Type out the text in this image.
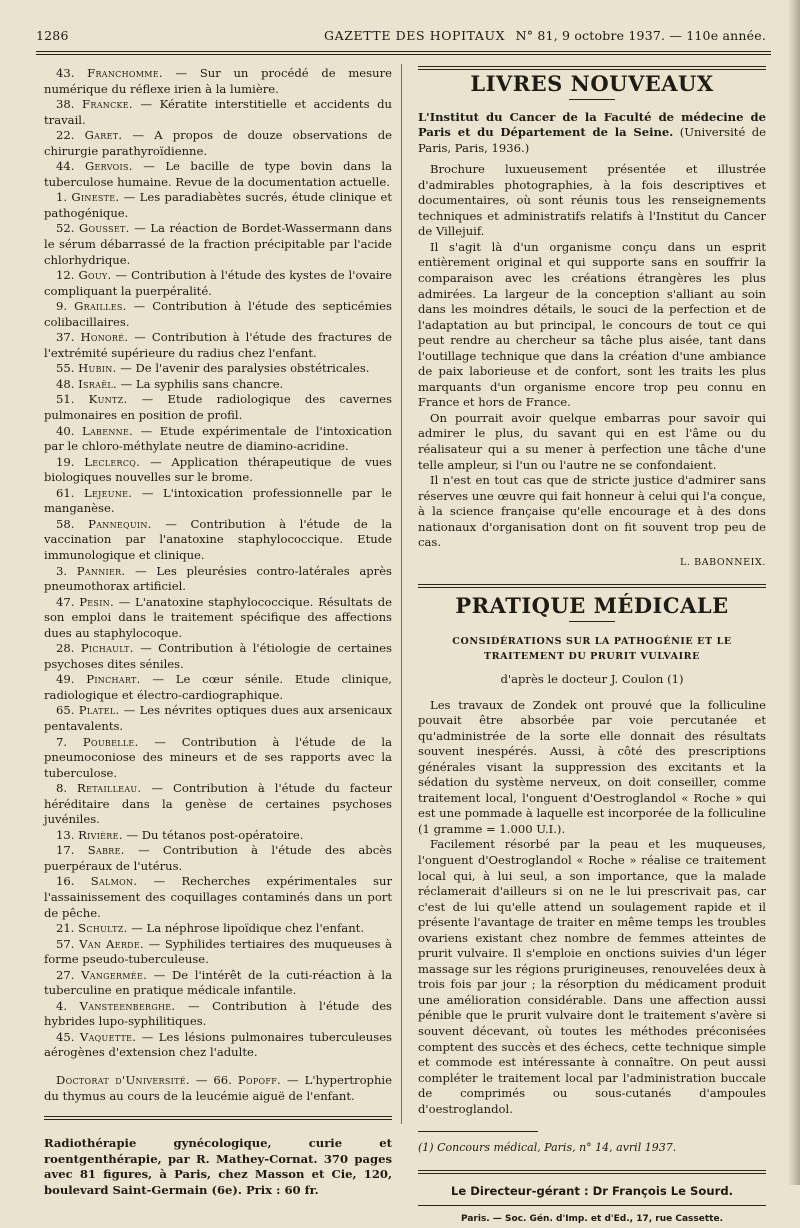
1286	GAZETTE DES HOPITAUX N° 81, 9 octobre 1937. — 110e année.

43. Franchomme. — Sur un procédé de mesure numérique du réflexe irien à la lumière.

38. Francke. — Kératite interstitielle et accidents du travail.

22. Garet. — A propos de douze observations de chirurgie parathyroïdienne.

44. Gervois. — Le bacille de type bovin dans la tuberculose humaine. Revue de la documentation actuelle.

1. Gineste. — Les paradiabètes sucrés, étude clinique et pathogénique.

52. Gousset. — La réaction de Bordet-Wassermann dans le sérum débarrassé de la fraction précipitable par l'acide chlorhydrique.

12. Gouy. — Contribution à l'étude des kystes de l'ovaire compliquant la puerpéralité.

9. Grailles. — Contribution à l'étude des septicémies colibacillaires.

37. Honoré. — Contribution à l'étude des fractures de l'extrémité supérieure du radius chez l'enfant.

55. Hubin. — De l'avenir des paralysies obstétricales.

48. Israël. — La syphilis sans chancre.

51. Kuntz. — Etude radiologique des cavernes pulmonaires en position de profil.

40. Labenne. — Etude expérimentale de l'intoxication par le chloro-méthylate neutre de diamino-acridine.

19. Leclercq. — Application thérapeutique de vues biologiques nouvelles sur le brome.

61. Lejeune. — L'intoxication professionnelle par le manganèse.

58. Pannequin. — Contribution à l'étude de la vaccination par l'anatoxine staphylococcique. Etude immunologique et clinique.

3. Pannier. — Les pleurésies contro-latérales après pneumothorax artificiel.

47. Pesin. — L'anatoxine staphylococcique. Résultats de son emploi dans le traitement spécifique des affections dues au staphylocoque.

28. Pichault. — Contribution à l'étiologie de certaines psychoses dites séniles.

49. Pinchart. — Le cœur sénile. Etude clinique, radiologique et électro-cardiographique.

65. Platel. — Les névrites optiques dues aux arsenicaux pentavalents.

7. Poubelle. — Contribution à l'étude de la pneumoconiose des mineurs et de ses rapports avec la tuberculose.

8. Retailleau. — Contribution à l'étude du facteur héréditaire dans la genèse de certaines psychoses juvéniles.

13. Rivière. — Du tétanos post-opératoire.

17. Sabre. — Contribution à l'étude des abcès puerpéraux de l'utérus.

16. Salmon. — Recherches expérimentales sur l'assainissement des coquillages contaminés dans un port de pêche.

21. Schultz. — La néphrose lipoïdique chez l'enfant.

57. Van Aerde. — Syphilides tertiaires des muqueuses à forme pseudo-tuberculeuse.

27. Vangermée. — De l'intérêt de la cuti-réaction à la tuberculine en pratique médicale infantile.

4. Vansteenberghe. — Contribution à l'étude des hybrides lupo-syphilitiques.

45. Vaquette. — Les lésions pulmonaires tuberculeuses aérogènes d'extension chez l'adulte.

Doctorat d'Université. — 66. Popoff. — L'hypertrophie du thymus au cours de la leucémie aiguë de l'enfant.

Radiothérapie gynécologique, curie et roentgenthérapie, par R. Mathey-Cornat. 370 pages avec 81 figures, à Paris, chez Masson et Cie, 120, boulevard Saint-Germain (6e). Prix : 60 fr.

LIVRES NOUVEAUX

L'Institut du Cancer de la Faculté de médecine de Paris et du Département de la Seine. (Université de Paris, Paris, 1936.)

Brochure luxueusement présentée et illustrée d'admirables photographies, à la fois descriptives et documentaires, où sont réunis tous les renseignements techniques et administratifs relatifs à l'Institut du Cancer de Villejuif.

Il s'agit là d'un organisme conçu dans un esprit entièrement original et qui supporte sans en souffrir la comparaison avec les créations étrangères les plus admirées. La largeur de la conception s'alliant au soin dans les moindres détails, le souci de la perfection et de l'adaptation au but principal, le concours de tout ce qui peut rendre au chercheur sa tâche plus aisée, tant dans l'outillage technique que dans la création d'une ambiance de paix laborieuse et de confort, sont les traits les plus marquants d'un organisme encore trop peu connu en France et hors de France.

On pourrait avoir quelque embarras pour savoir qui admirer le plus, du savant qui en est l'âme ou du réalisateur qui a su mener à perfection une tâche d'une telle ampleur, si l'un ou l'autre ne se confondaient.

Il n'est en tout cas que de stricte justice d'admirer sans réserves une œuvre qui fait honneur à celui qui l'a conçue, à la science française qu'elle encourage et à des dons nationaux d'organisation dont on fit souvent trop peu de cas.

L. BABONNEIX.

PRATIQUE MÉDICALE
CONSIDÉRATIONS SUR LA PATHOGÉNIE ET LE TRAITEMENT DU PRURIT VULVAIRE
d'après le docteur J. Coulon (1)

Les travaux de Zondek ont prouvé que la folliculine pouvait être absorbée par voie percutanée et qu'administrée de la sorte elle donnait des résultats souvent inespérés. Aussi, à côté des prescriptions générales visant la suppression des excitants et la sédation du système nerveux, on doit conseiller, comme traitement local, l'onguent d'Oestroglandol « Roche » qui est une pommade à laquelle est incorporée de la folliculine (1 gramme = 1.000 U.I.).

Facilement résorbé par la peau et les muqueuses, l'onguent d'Oestroglandol « Roche » réalise ce traitement local qui, à lui seul, a son importance, que la malade réclamerait d'ailleurs si on ne le lui prescrivait pas, car c'est de lui qu'elle attend un soulagement rapide et il présente l'avantage de traiter en même temps les troubles ovariens existant chez nombre de femmes atteintes de prurit vulvaire. Il s'emploie en onctions suivies d'un léger massage sur les régions prurigineuses, renouvelées deux à trois fois par jour ; la résorption du médicament produit une amélioration considérable. Dans une affection aussi pénible que le prurit vulvaire dont le traitement s'avère si souvent décevant, où toutes les méthodes préconisées comptent des succès et des échecs, cette technique simple et commode est intéressante à connaître. On peut aussi compléter le traitement local par l'administration buccale de comprimés ou sous-cutanés d'ampoules d'oestroglandol.

(1) Concours médical, Paris, n° 14, avril 1937.

Le Directeur-gérant : Dr François Le Sourd.
Paris. — Soc. Gén. d'Imp. et d'Ed., 17, rue Cassette.
